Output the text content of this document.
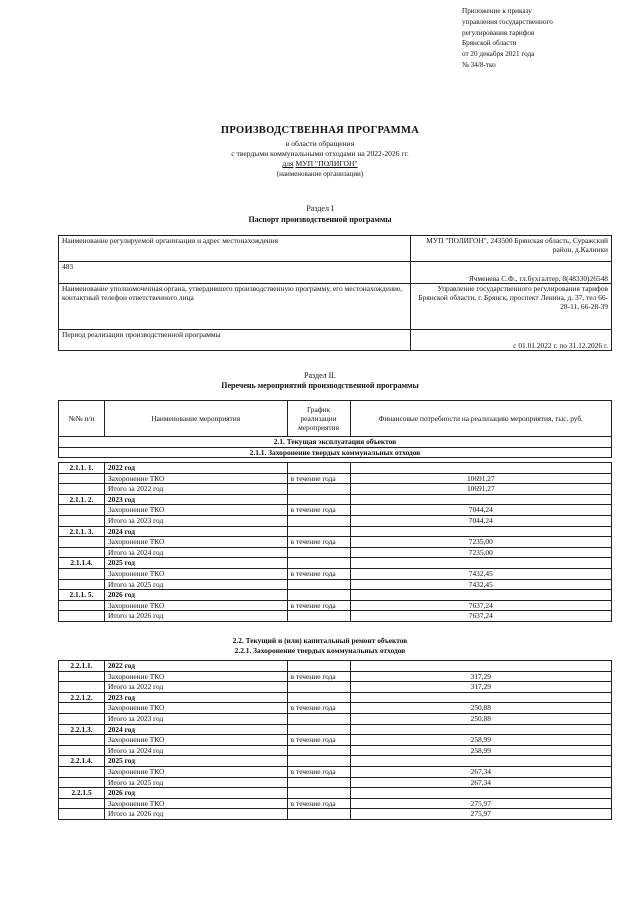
Приложение к приказу
управления государственного
регулирования тарифов
Брянской области
от 20 декабря 2021 года
№ 34/8-тко
ПРОИЗВОДСТВЕННАЯ ПРОГРАММА
в области обращения
с твердыми коммунальными отходами на 2022-2026 гг.
для МУП "ПОЛИГОН"
(наименование организации)
Раздел I
Паспорт производственной программы
Наименование регулируемой организации и адрес местонахождения	МУП "ПОЛИГОН", 243500 Брянская область, Суражский район, д.Калинки
483	Ячменева С.Ф., гл.бухгалтер, 8(48330)26548
Наименование уполномоченная органа, утвердившего производственную программу, его местонахождение, контактный телефон ответственного лица	Управление государственного регулирования тарифов Брянской области, г. Брянск, проспект Ленина, д. 37, тел 66-28-11, 66-28-39
Период реализации производственной программы	с 01.01.2022 г. по 31.12.2026 г.
Раздел II.
Перечень мероприятий производственной программы
№№ п/п	Наименование мероприятия	График реализации мероприятия	Финансовые потребности на реализацию мероприятия, тыс. руб.
2.1. Текущая эксплуатация объектов
2.1.1. Захоронение твердых коммунальных отходов
2.1.1. 1.	2022 год		
	Захоронение ТКО	в течение года	10691,27
	Итого за 2022 год		10691,27
2.1.1. 2.	2023 год		
	Захоронение ТКО	в течение года	7044,24
	Итого за 2023 год		7044,24
2.1.1. 3.	2024 год		
	Захоронение ТКО	в течение года	7235,00
	Итого за 2024 год		7235,00
2.1.1.4.	2025 год		
	Захоронение ТКО	в течение года	7432,45
	Итого за 2025 год		7432,45
2.1.1. 5.	2026 год		
	Захоронение ТКО	в течение года	7637,24
	Итого за 2026 год		7637,24
2.2. Текущий и (или) капитальный ремонт объектов
2.2.1. Захоронение твердых коммунальных отходов
2.2.1.1.	2022 год		
	Захоронение ТКО	в течение года	317,29
	Итого за 2022 год		317,29
2.2.1.2.	2023 год		
	Захоронение ТКО	в течение года	250,88
	Итого за 2023 год		250,88
2.2.1.3.	2024 год		
	Захоронение ТКО	в течение года	258,99
	Итого за 2024 год		258,99
2.2.1.4.	2025 год		
	Захоронение ТКО	в течение года	267,34
	Итого за 2025 год		267,34
2.2.1.5	2026 год		
	Захоронение ТКО	в течение года	275,97
	Итого за 2026 год		275,97
